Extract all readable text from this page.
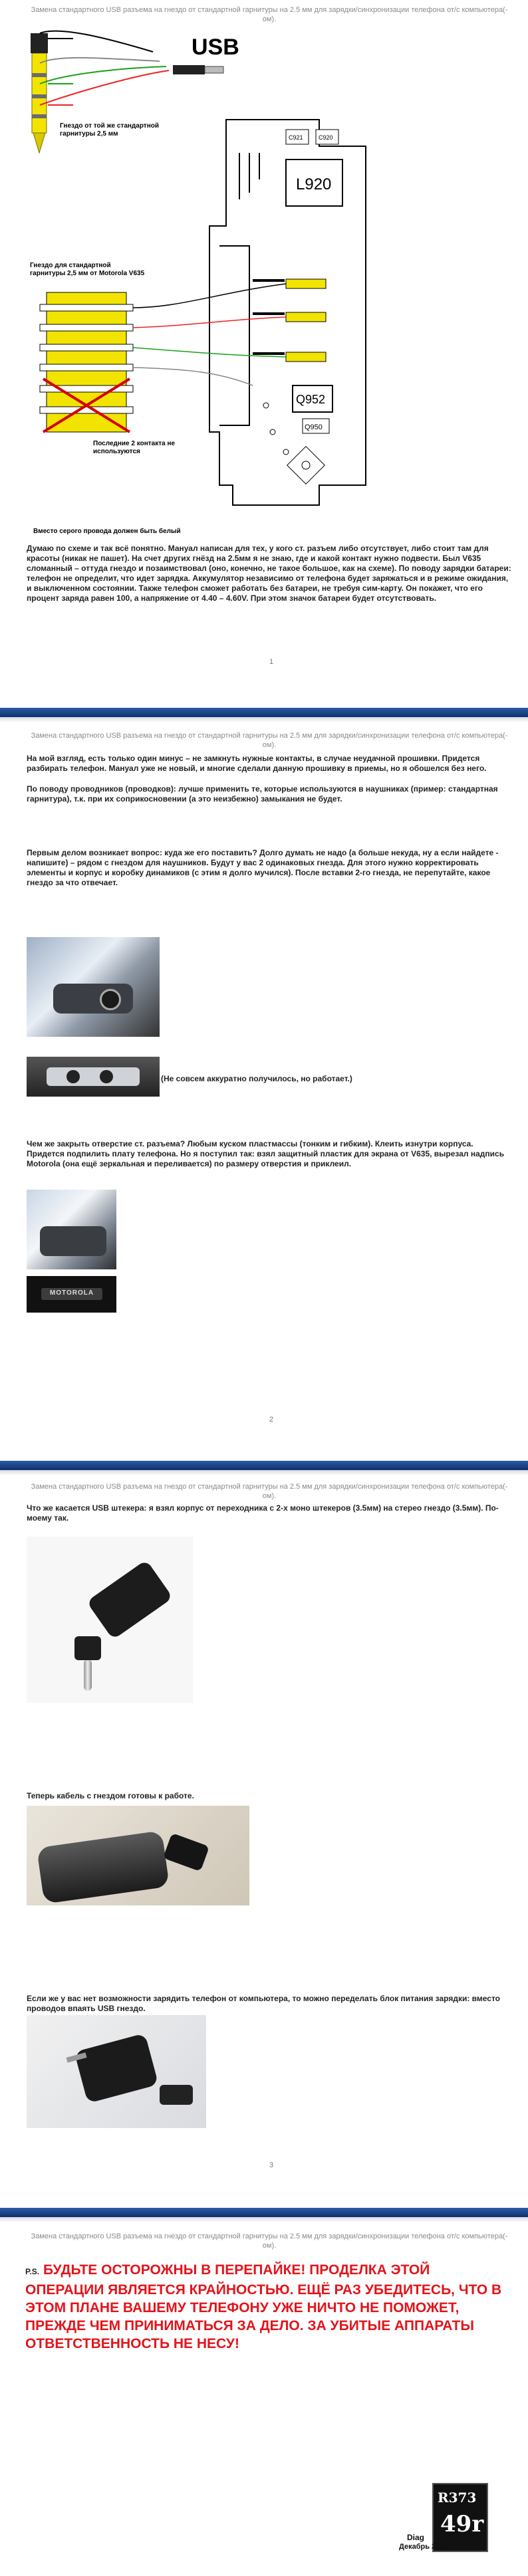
Замена стандартного USB разъема на гнездо от стандартной гарнитуры на 2.5 мм для зарядки/синхронизации телефона от/с компьютера(-ом).
USB
Гнездо от той же стандартной
гарнитуры 2,5 мм	C921	C920
L920
Q952
Q950
Гнездо для стандартной
гарнитуры 2,5 мм от Motorola V635
Последние 2 контакта не
используются
Вместо серого провода должен быть белый
Думаю по схеме и так всё понятно. Мануал написан для тех, у кого ст. разъем либо отсутствует, либо стоит там для красоты (никак не пашет). На счет других гнёзд на 2.5мм я не знаю, где и какой контакт нужно подвести. Был V635 сломанный – оттуда гнездо и позаимствовал (оно, конечно, не такое большое, как на схеме). По поводу зарядки батареи: телефон не определит, что идет зарядка. Аккумулятор независимо от телефона будет заряжаться и в режиме ожидания, и выключенном состоянии. Также телефон сможет работать без батареи, не требуя сим-карту. Он покажет, что его процент заряда равен 100, а напряжение от 4.40 – 4.60V. При этом значок батареи будет отсутствовать.
1
Замена стандартного USB разъема на гнездо от стандартной гарнитуры на 2.5 мм для зарядки/синхронизации телефона от/с компьютера(-ом).
На мой взгляд, есть только один минус – не замкнуть нужные контакты, в случае неудачной прошивки. Придется разбирать телефон. Мануал уже не новый, и многие сделали данную прошивку в приемы, но я обошелся без него.
По поводу проводников (проводков): лучше применить те, которые используются в наушниках (пример: стандартная гарнитура), т.к. при их соприкосновении (а это неизбежно) замыкания не будет.
Первым делом возникает вопрос: куда же его поставить? Долго думать не надо (а больше некуда, ну а если найдете - напишите) – рядом с гнездом для наушников. Будут у вас 2 одинаковых гнезда. Для этого нужно корректировать элементы и корпус и коробку динамиков (с этим я долго мучился). После вставки 2-го гнезда, не перепутайте, какое гнездо за что отвечает.
(Не совсем аккуратно получилось, но работает.)
Чем же закрыть отверстие ст. разъема? Любым куском пластмассы (тонким и гибким). Клеить изнутри корпуса. Придется подпилить плату телефона. Но я поступил так: взял защитный пластик для экрана от V635, вырезал надпись Motorola (она ещё зеркальная и переливается) по размеру отверстия и приклеил.
MOTOROLA
2
Замена стандартного USB разъема на гнездо от стандартной гарнитуры на 2.5 мм для зарядки/синхронизации телефона от/с компьютера(-ом).
Что же касается USB штекера: я взял корпус от переходника с 2-х моно штекеров (3.5мм) на стерео гнездо (3.5мм). По-моему так.
Теперь кабель с гнездом готовы к работе.
Если же у вас нет возможности зарядить телефон от компьютера, то можно переделать блок питания зарядки: вместо проводов впаять USB гнездо.
3
Замена стандартного USB разъема на гнездо от стандартной гарнитуры на 2.5 мм для зарядки/синхронизации телефона от/с компьютера(-ом).
P.S. БУДЬТЕ ОСТОРОЖНЫ В ПЕРЕПАЙКЕ! ПРОДЕЛКА ЭТОЙ ОПЕРАЦИИ ЯВЛЯЕТСЯ КРАЙНОСТЬЮ. ЕЩЁ РАЗ УБЕДИТЕСЬ, ЧТО В ЭТОМ ПЛАНЕ ВАШЕМУ ТЕЛЕФОНУ УЖЕ НИЧТО НЕ ПОМОЖЕТ, ПРЕЖДЕ ЧЕМ ПРИНИМАТЬСЯ ЗА ДЕЛО. ЗА УБИТЫЕ АППАРАТЫ ОТВЕТСТВЕННОСТЬ НЕ НЕСУ!
R373
49r
Diag
Декабрь 2006
